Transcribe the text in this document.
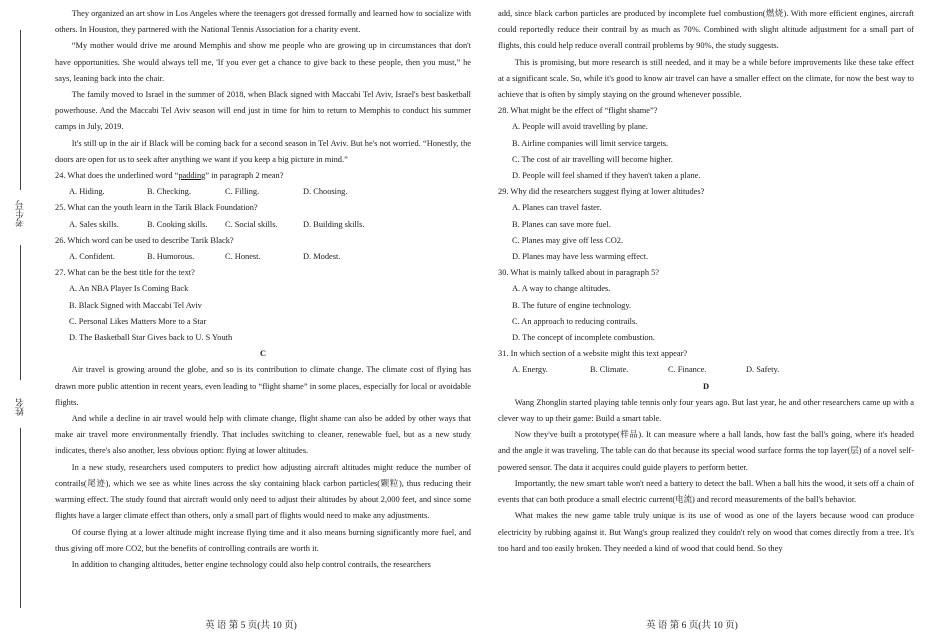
考生号
姓名

They organized an art show in Los Angeles where the teenagers got dressed formally and learned how to socialize with others. In Houston, they partnered with the National Tennis Association for a charity event.

“My mother would drive me around Memphis and show me people who are growing up in circumstances that don't have opportunities. She would always tell me, 'If you ever get a chance to give back to these people, then you must,” he says, leaning back into the chair.

The family moved to Israel in the summer of 2018, when Black signed with Maccabi Tel Aviv, Israel's best basketball powerhouse. And the Maccabi Tel Aviv season will end just in time for him to return to Memphis to conduct his summer camps in July, 2019.

It's still up in the air if Black will be coming back for a second season in Tel Aviv. But he's not worried. “Honestly, the doors are open for us to seek after anything we want if you keep a big picture in mind.”

24. What does the underlined word “padding” in paragraph 2 mean?

A. Hiding.	B. Checking.	C. Filling.	D. Choosing.

25. What can the youth learn in the Tarik Black Foundation?

A. Sales skills.	B. Cooking skills.	C. Social skills.	D. Building skills.

26. Which word can be used to describe Tarik Black?

A. Confident.	B. Humorous.	C. Honest.	D. Modest.

27. What can be the best title for the text?

A. An NBA Player Is Coming Back

B. Black Signed with Maccabi Tel Aviv

C. Personal Likes Matters More to a Star

D. The Basketball Star Gives back to U. S Youth

C

Air travel is growing around the globe, and so is its contribution to climate change. The climate cost of flying has drawn more public attention in recent years, even leading to “flight shame” in some places, especially for local or avoidable flights.

And while a decline in air travel would help with climate change, flight shame can also be added by other ways that make air travel more environmentally friendly. That includes switching to cleaner, renewable fuel, but as a new study indicates, there's also another, less obvious option: flying at lower altitudes.

In a new study, researchers used computers to predict how adjusting aircraft altitudes might reduce the number of contrails(尾迹), which we see as white lines across the sky containing black carbon particles(颗粒), thus reducing their warming effect. The study found that aircraft would only need to adjust their altitudes by about 2,000 feet, and since some flights have a larger climate effect than others, only a small part of flights would need to make any adjustments.

Of course flying at a lower altitude might increase flying time and it also means burning significantly more fuel, and thus giving off more CO2, but the benefits of controlling contrails are worth it.

In addition to changing altitudes, better engine technology could also help control contrails, the researchers

add, since black carbon particles are produced by incomplete fuel combustion(燃烧). With more efficient engines, aircraft could reportedly reduce their contrail by as much as 70%. Combined with slight altitude adjustment for a small part of flights, this could help reduce overall contrail problems by 90%, the study suggests.

This is promising, but more research is still needed, and it may be a while before improvements like these take effect at a significant scale. So, while it's good to know air travel can have a smaller effect on the climate, for now the best way to achieve that is often by simply staying on the ground whenever possible.

28. What might be the effect of “flight shame”?

A. People will avoid travelling by plane.

B. Airline companies will limit service targets.

C. The cost of air travelling will become higher.

D. People will feel shamed if they haven't taken a plane.

29. Why did the researchers suggest flying at lower altitudes?

A. Planes can travel faster.

B. Planes can save more fuel.

C. Planes may give off less CO2.

D. Planes may have less warming effect.

30. What is mainly talked about in paragraph 5?

A. A way to change altitudes.

B. The future of engine technology.

C. An approach to reducing contrails.

D. The concept of incomplete combustion.

31. In which section of a website might this text appear?

A. Energy.	B. Climate.	C. Finance.	D. Safety.

D

Wang Zhonglin started playing table tennis only four years ago. But last year, he and other researchers came up with a clever way to up their game: Build a smart table.

Now they've built a prototype(样品). It can measure where a ball lands, how fast the ball's going, where it's headed and the angle it was traveling. The table can do that because its special wood surface forms the top layer(层) of a novel self-powered sensor. The data it acquires could guide players to perform better.

Importantly, the new smart table won't need a battery to detect the ball. When a ball hits the wood, it sets off a chain of events that can both produce a small electric current(电流) and record measurements of the ball's behavior.

What makes the new game table truly unique is its use of wood as one of the layers because wood can produce electricity by rubbing against it. But Wang's group realized they couldn't rely on wood that comes directly from a tree. It's too hard and too easily broken. They needed a kind of wood that could bend. So they

英 语 第 5 页(共 10 页)	英 语 第 6 页(共 10 页)
